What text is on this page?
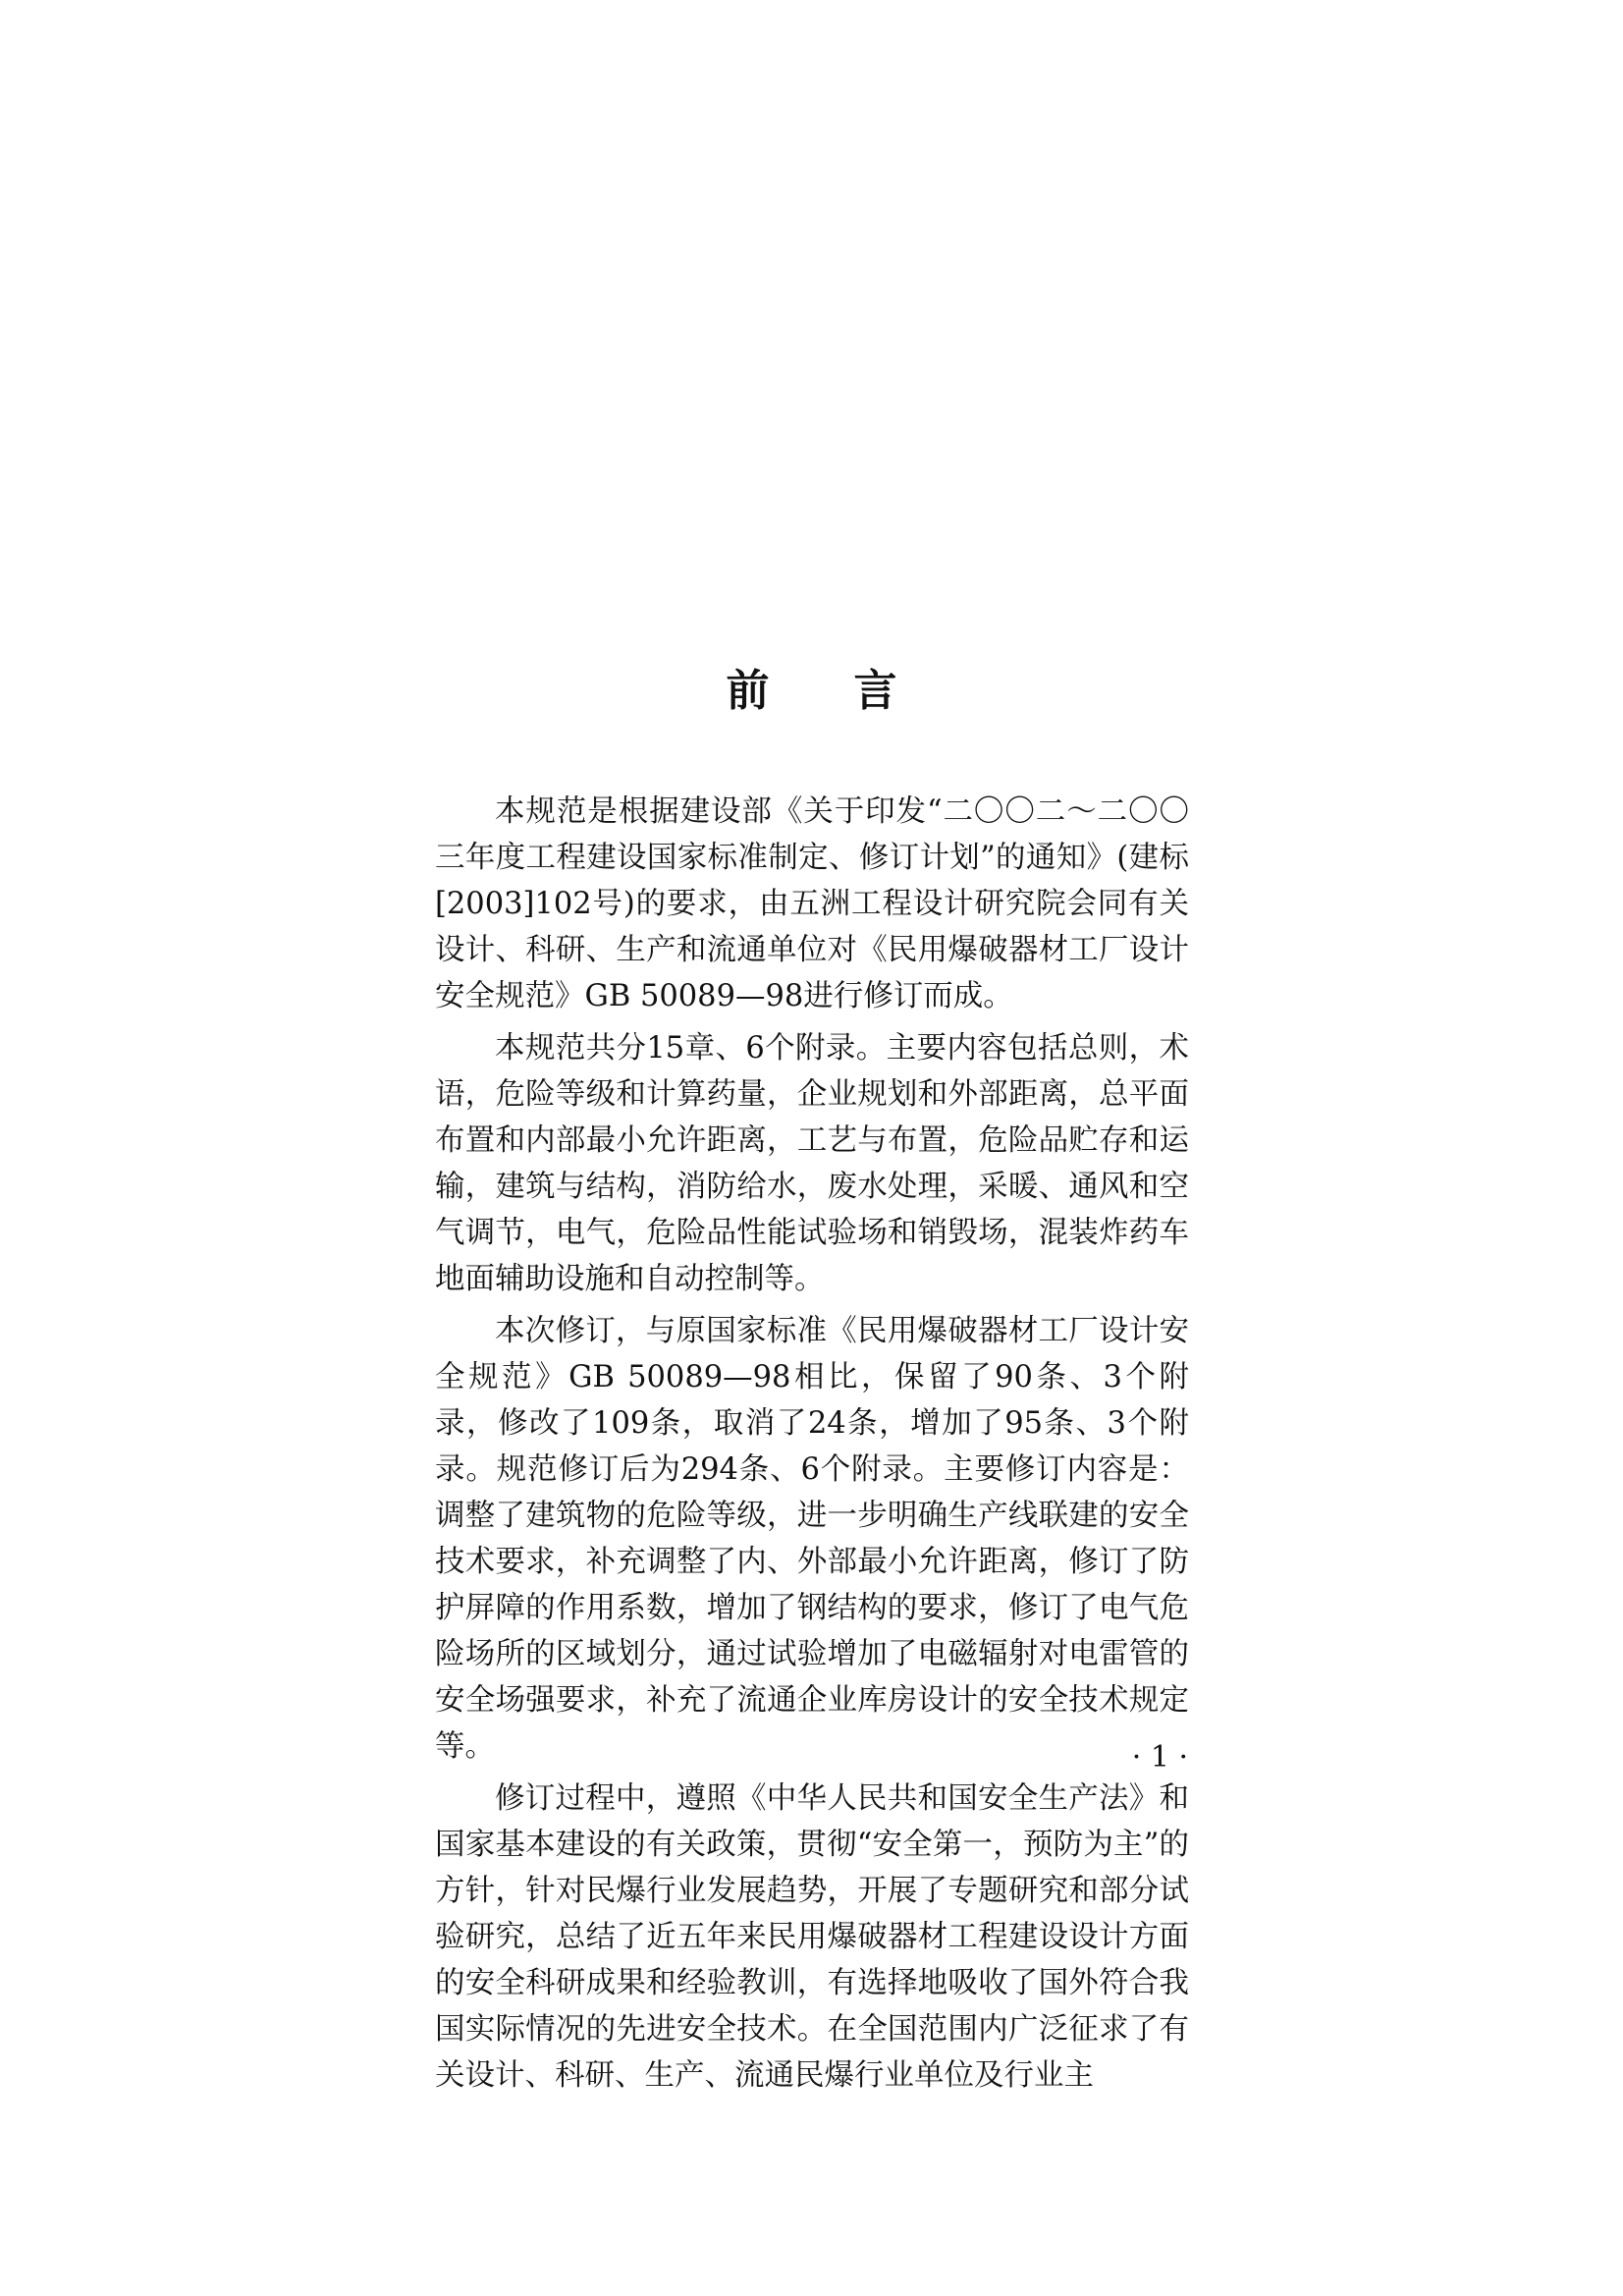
前 言

本规范是根据建设部《关于印发“二〇〇二～二〇〇三年度工程建设国家标准制定、修订计划”的通知》(建标[2003]102号)的要求，由五洲工程设计研究院会同有关设计、科研、生产和流通单位对《民用爆破器材工厂设计安全规范》GB 50089—98进行修订而成。

本规范共分15章、6个附录。主要内容包括总则，术语，危险等级和计算药量，企业规划和外部距离，总平面布置和内部最小允许距离，工艺与布置，危险品贮存和运输，建筑与结构，消防给水，废水处理，采暖、通风和空气调节，电气，危险品性能试验场和销毁场，混装炸药车地面辅助设施和自动控制等。

本次修订，与原国家标准《民用爆破器材工厂设计安全规范》GB 50089—98相比，保留了90条、3个附录，修改了109条，取消了24条，增加了95条、3个附录。规范修订后为294条、6个附录。主要修订内容是：调整了建筑物的危险等级，进一步明确生产线联建的安全技术要求，补充调整了内、外部最小允许距离，修订了防护屏障的作用系数，增加了钢结构的要求，修订了电气危险场所的区域划分，通过试验增加了电磁辐射对电雷管的安全场强要求，补充了流通企业库房设计的安全技术规定等。

修订过程中，遵照《中华人民共和国安全生产法》和国家基本建设的有关政策，贯彻“安全第一，预防为主”的方针，针对民爆行业发展趋势，开展了专题研究和部分试验研究，总结了近五年来民用爆破器材工程建设设计方面的安全科研成果和经验教训，有选择地吸收了国外符合我国实际情况的先进安全技术。在全国范围内广泛征求了有关设计、科研、生产、流通民爆行业单位及行业主

· 1 ·
